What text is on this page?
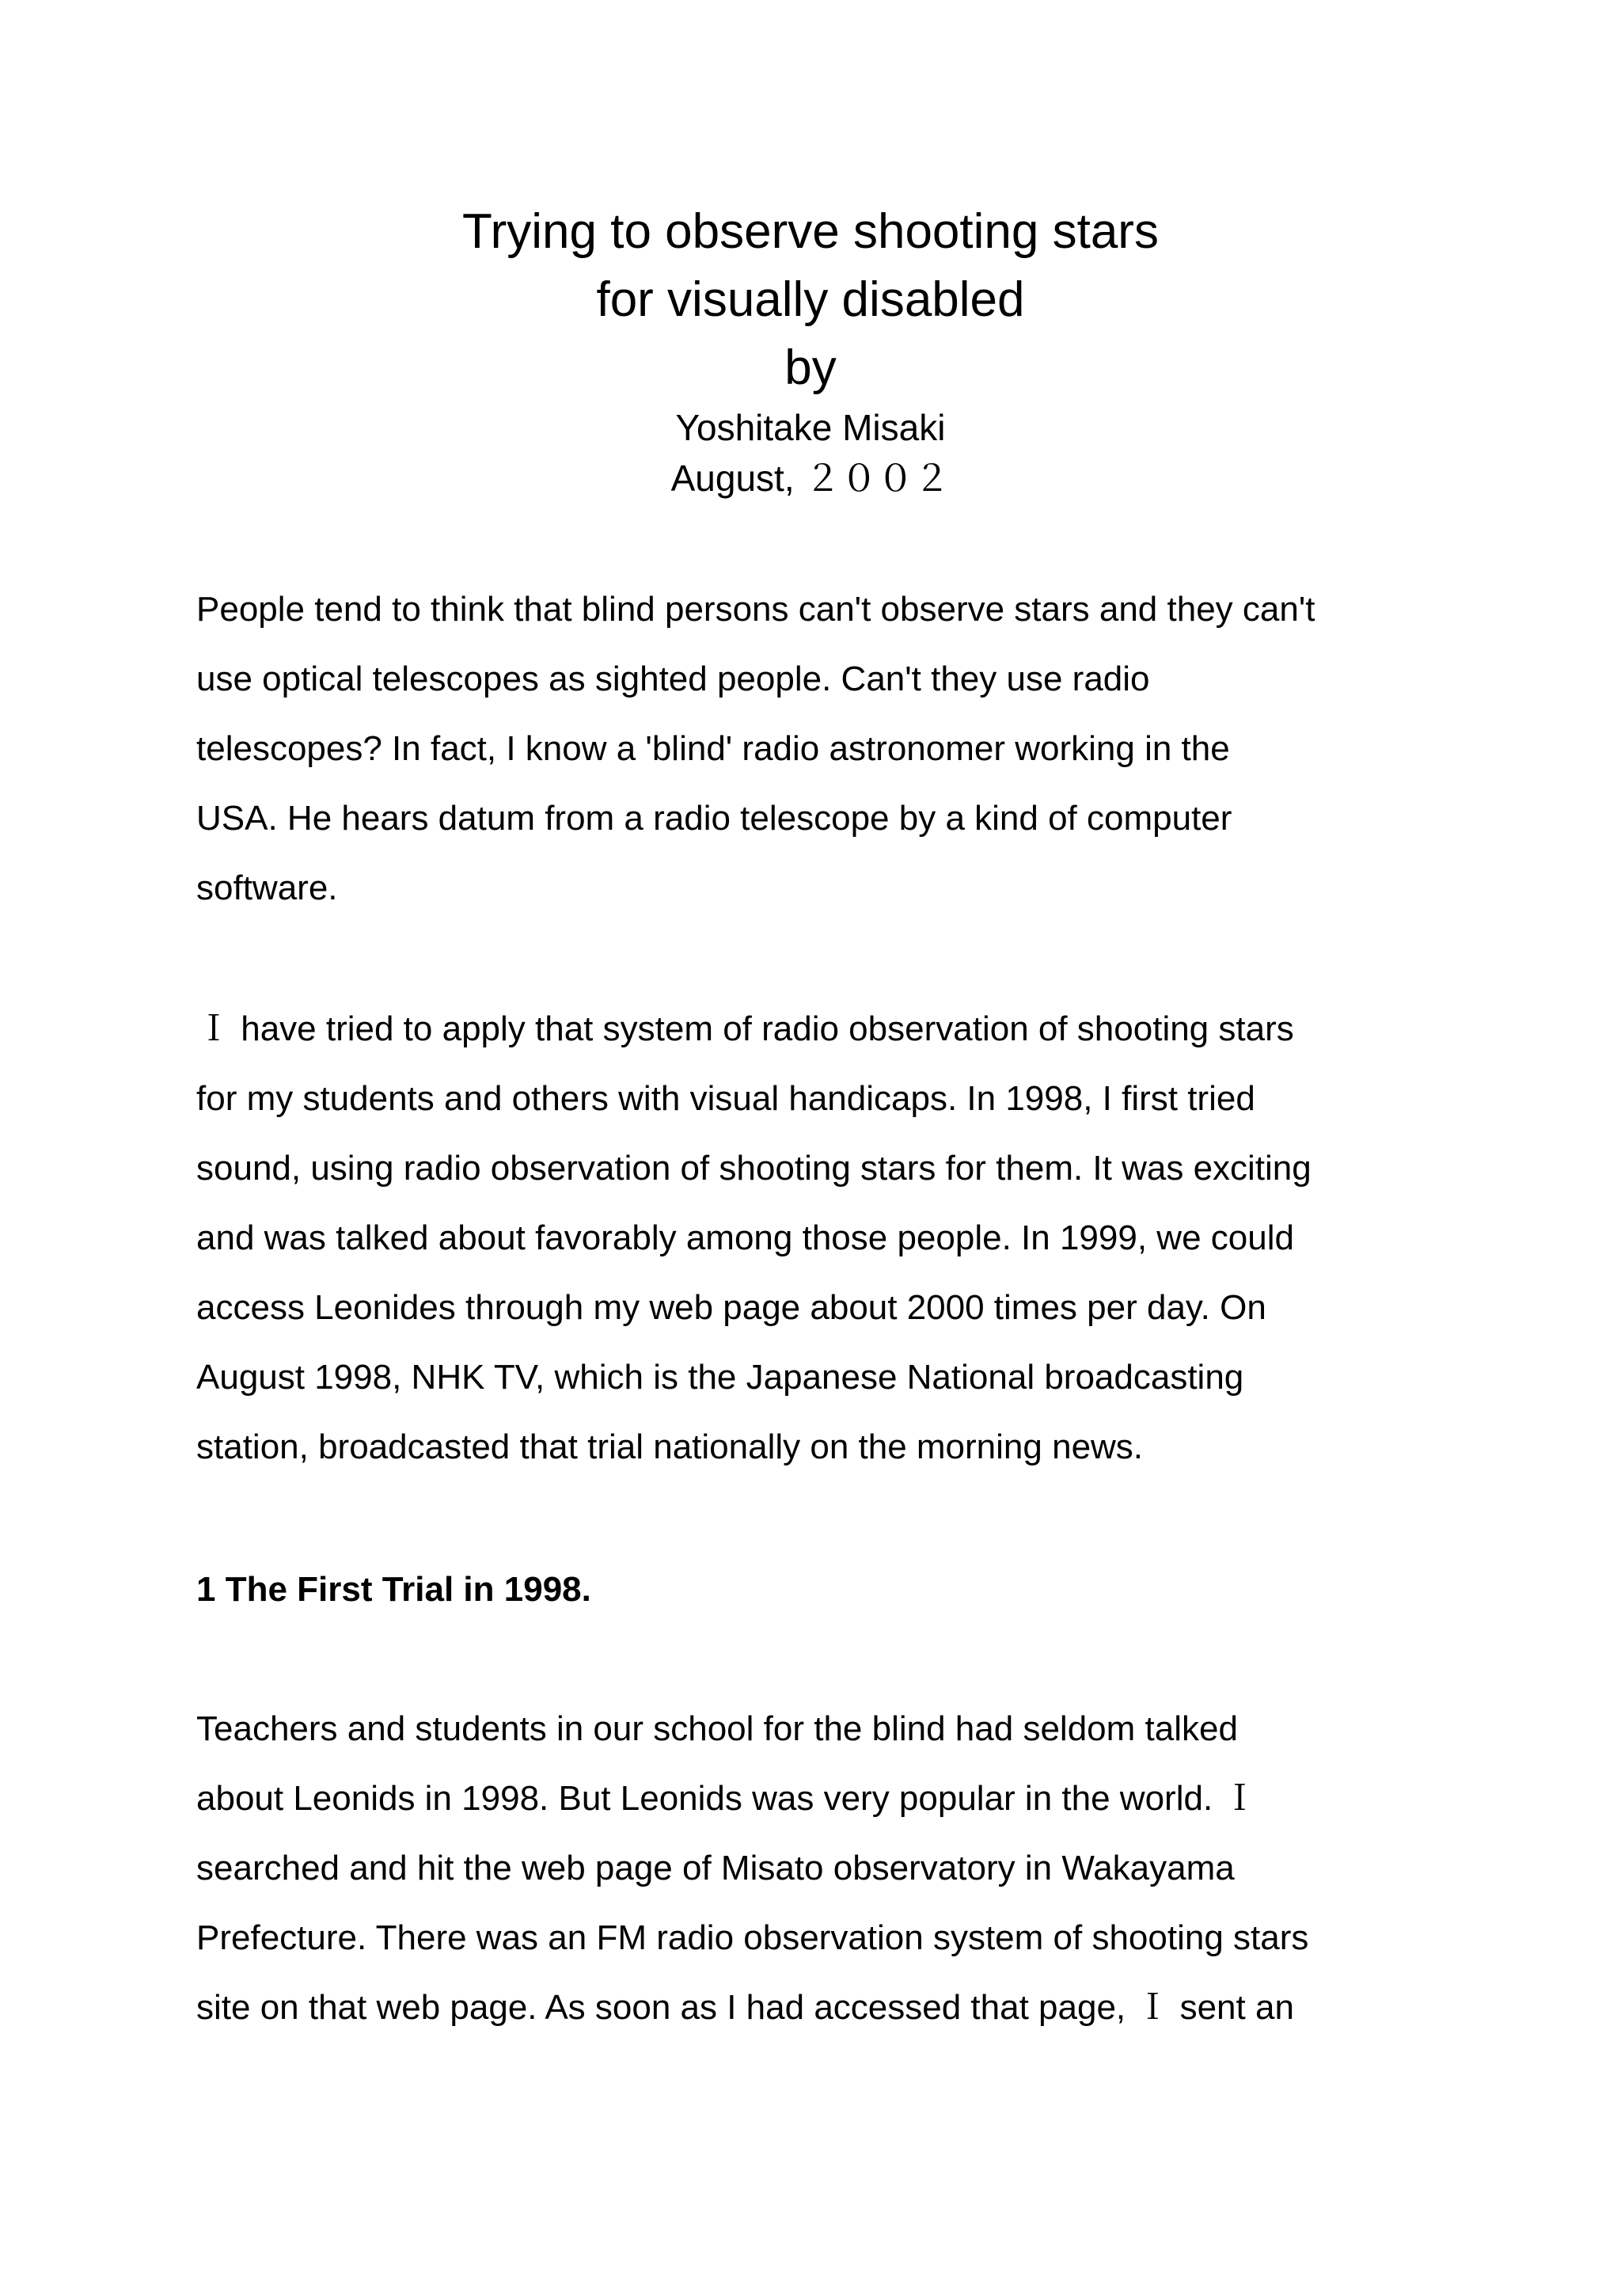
Trying to observe shooting stars
for visually disabled
by
Yoshitake Misaki
August, ２００２
People tend to think that blind persons can't observe stars and they can't
use optical telescopes as sighted people. Can't they use radio
telescopes? In fact, I know a 'blind' radio astronomer working in the
USA. He hears datum from a radio telescope by a kind of computer
software.
Ｉ have tried to apply that system of radio observation of shooting stars
for my students and others with visual handicaps. In 1998, I first tried
sound, using radio observation of shooting stars for them. It was exciting
and was talked about favorably among those people. In 1999, we could
access Leonides through my web page about 2000 times per day. On
August 1998, NHK TV, which is the Japanese National broadcasting
station, broadcasted that trial nationally on the morning news.
1 The First Trial in 1998.
Teachers and students in our school for the blind had seldom talked
about Leonids in 1998. But Leonids was very popular in the world. Ｉ
searched and hit the web page of Misato observatory in Wakayama
Prefecture. There was an FM radio observation system of shooting stars
site on that web page. As soon as I had accessed that page, Ｉ sent an
